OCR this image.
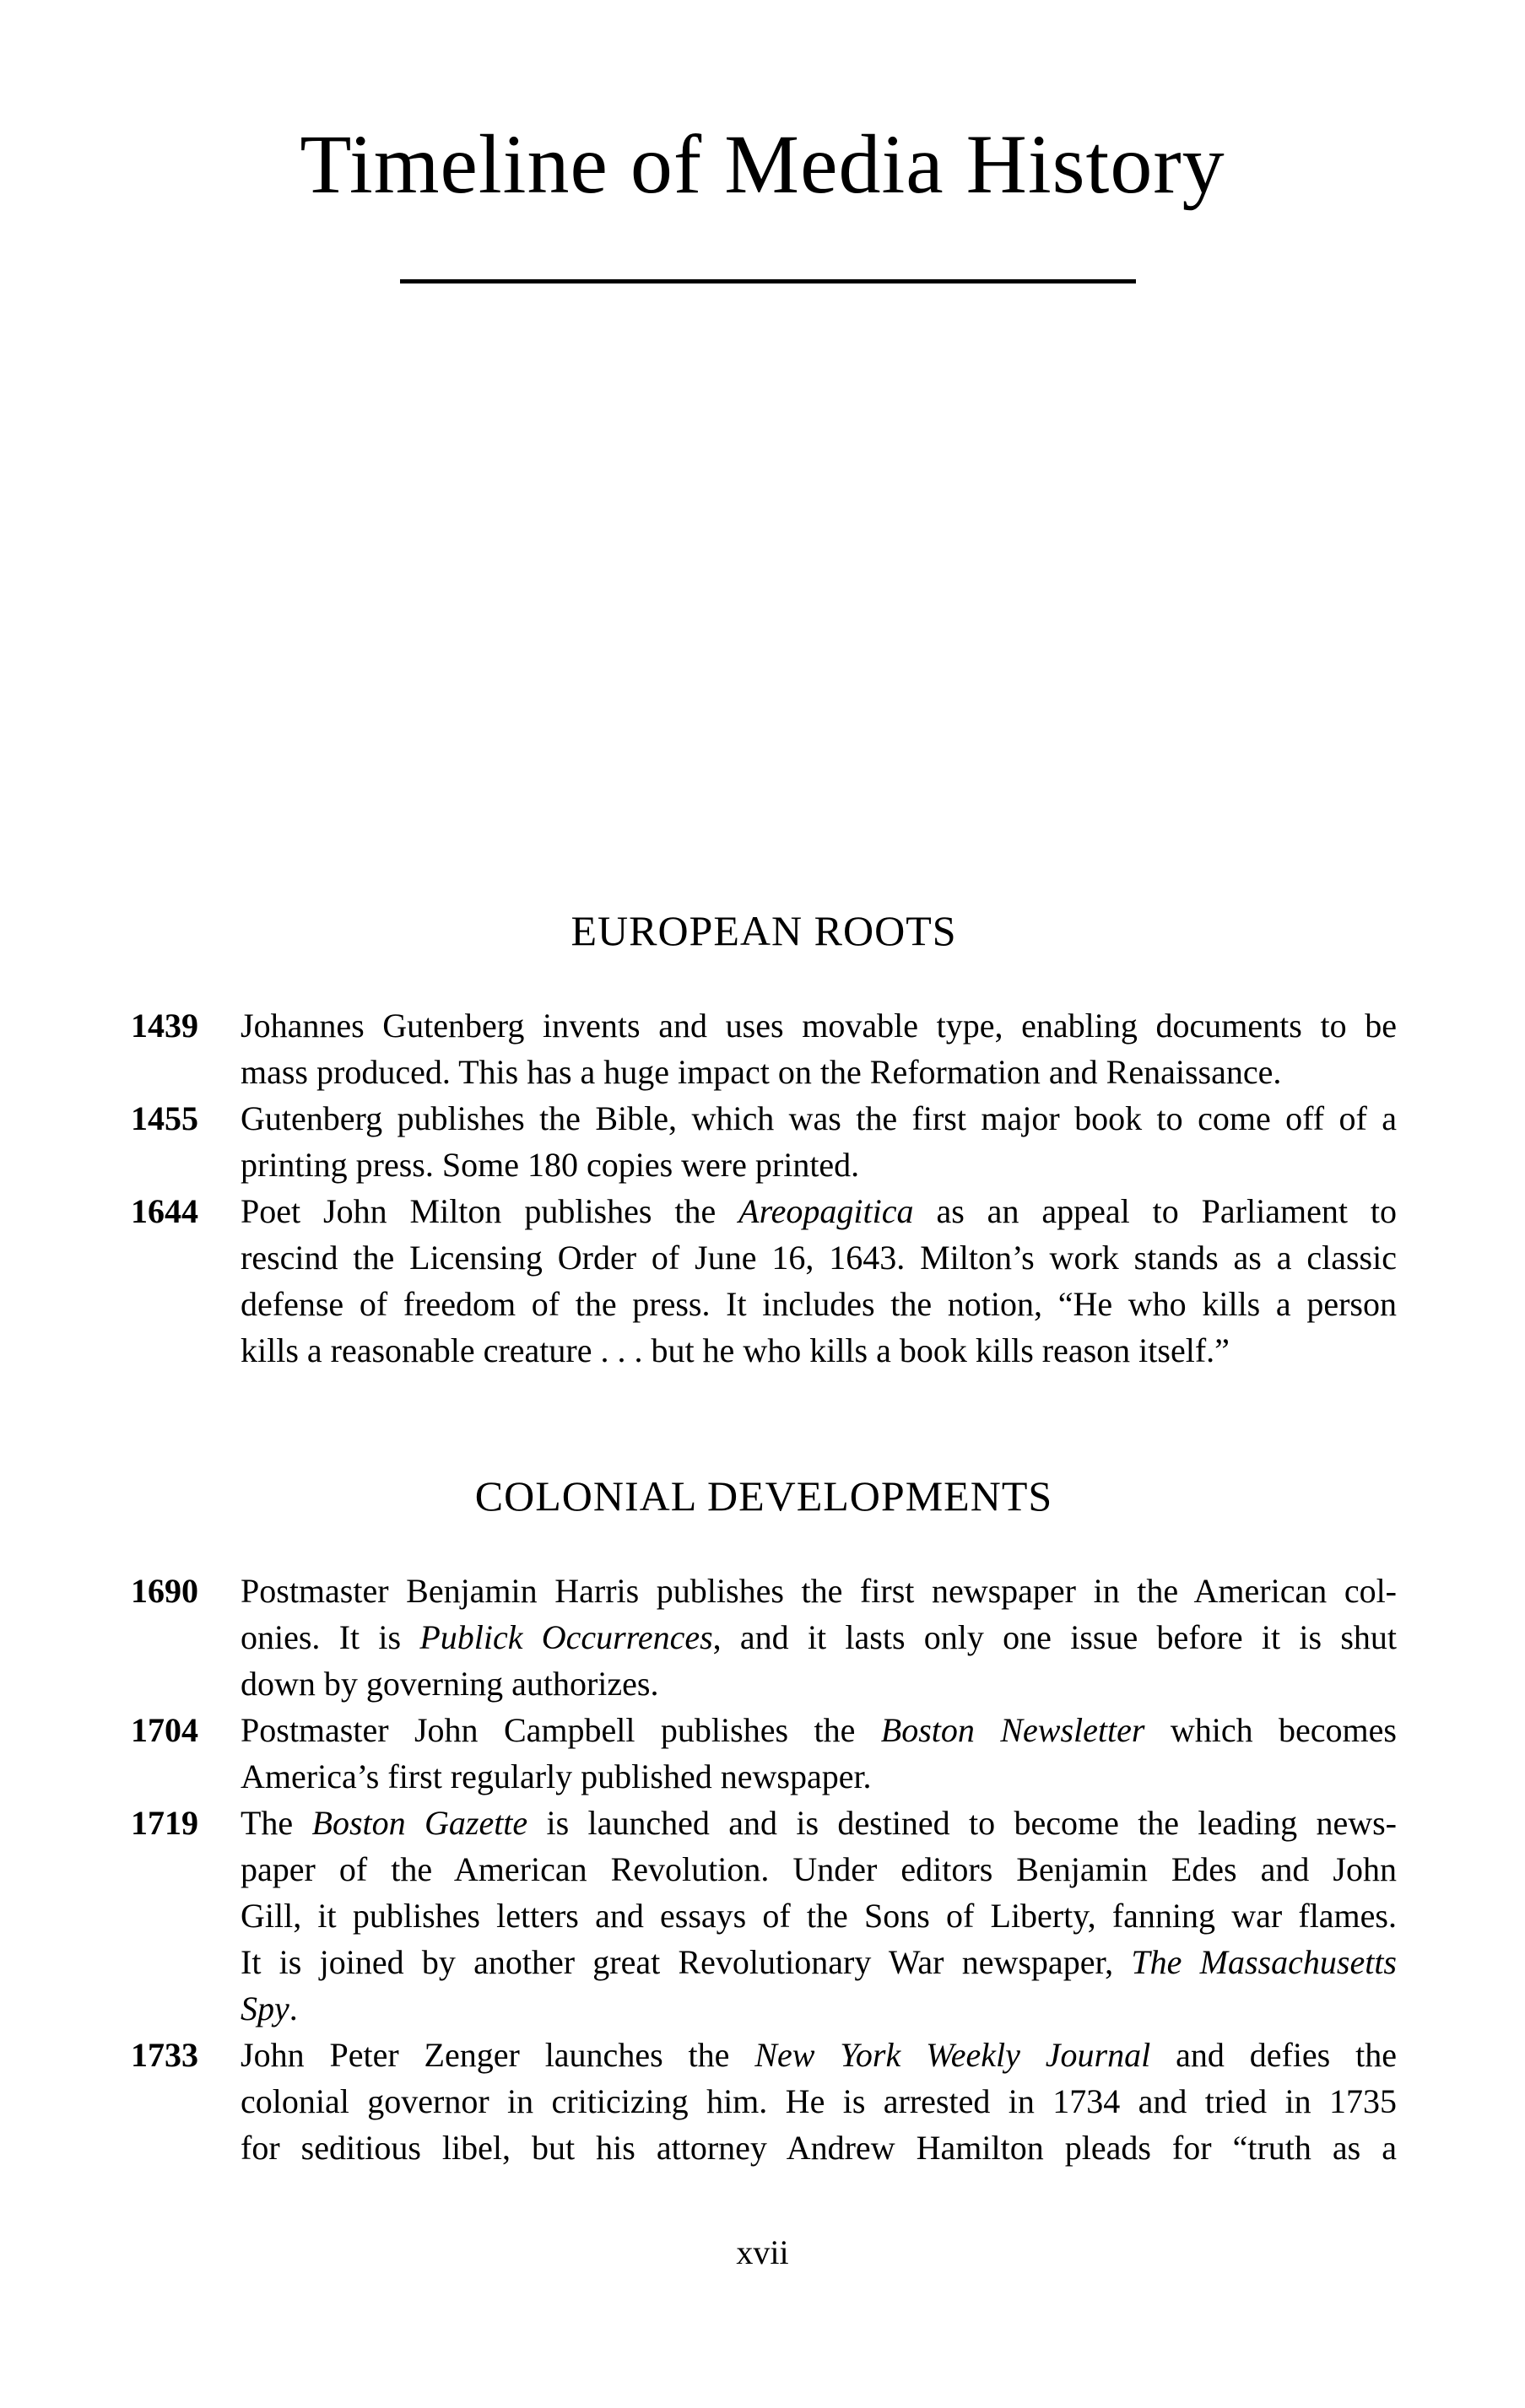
Timeline of Media History
EUROPEAN ROOTS
1439	Johannes Gutenberg invents and uses movable type, enabling documents to be
mass produced. This has a huge impact on the Reformation and Renaissance.
1455	Gutenberg publishes the Bible, which was the first major book to come off of a
printing press. Some 180 copies were printed.
1644	Poet John Milton publishes the Areopagitica as an appeal to Parliament to
rescind the Licensing Order of June 16, 1643. Milton’s work stands as a classic
defense of freedom of the press. It includes the notion, “He who kills a person
kills a reasonable creature . . . but he who kills a book kills reason itself.”
COLONIAL DEVELOPMENTS
1690	Postmaster Benjamin Harris publishes the first newspaper in the American col-
onies. It is Publick Occurrences, and it lasts only one issue before it is shut
down by governing authorizes.
1704	Postmaster John Campbell publishes the Boston Newsletter which becomes
America’s first regularly published newspaper.
1719	The Boston Gazette is launched and is destined to become the leading news-
paper of the American Revolution. Under editors Benjamin Edes and John
Gill, it publishes letters and essays of the Sons of Liberty, fanning war flames.
It is joined by another great Revolutionary War newspaper, The Massachusetts
Spy.
1733	John Peter Zenger launches the New York Weekly Journal and defies the
colonial governor in criticizing him. He is arrested in 1734 and tried in 1735
for seditious libel, but his attorney Andrew Hamilton pleads for “truth as a
xvii
